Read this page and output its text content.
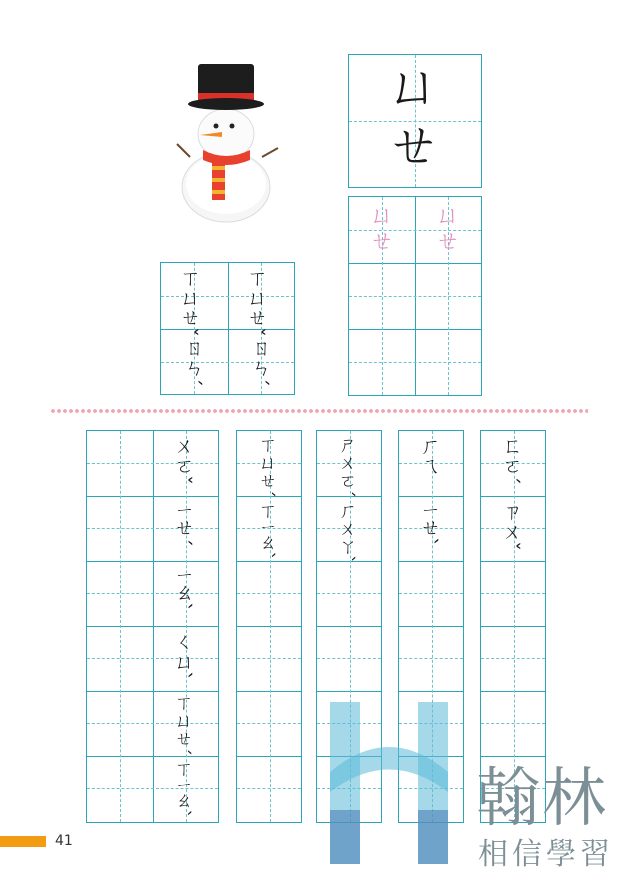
ㄩ
ㄝ
ㄩ
ㄝ
ㄩ
ㄝ
ㄒㄩㄝˇ
ㄖㄣˊ
ㄒㄩㄝˇ
ㄖㄣˊ
ㄨㄛˇ
ㄧㄝˊ
ㄧㄠˋ
ㄑㄩˋ
ㄒㄩㄝˊ
ㄒㄧㄠˋ
ㄒㄩㄝˊ
ㄒㄧㄠˋ
ㄕㄨㄛˊ
ㄏㄨㄚˋ
ㄏㄟ
ㄧㄝˋ
ㄈㄛˊ
ㄗㄨˇ
翰林
相信學習
41
